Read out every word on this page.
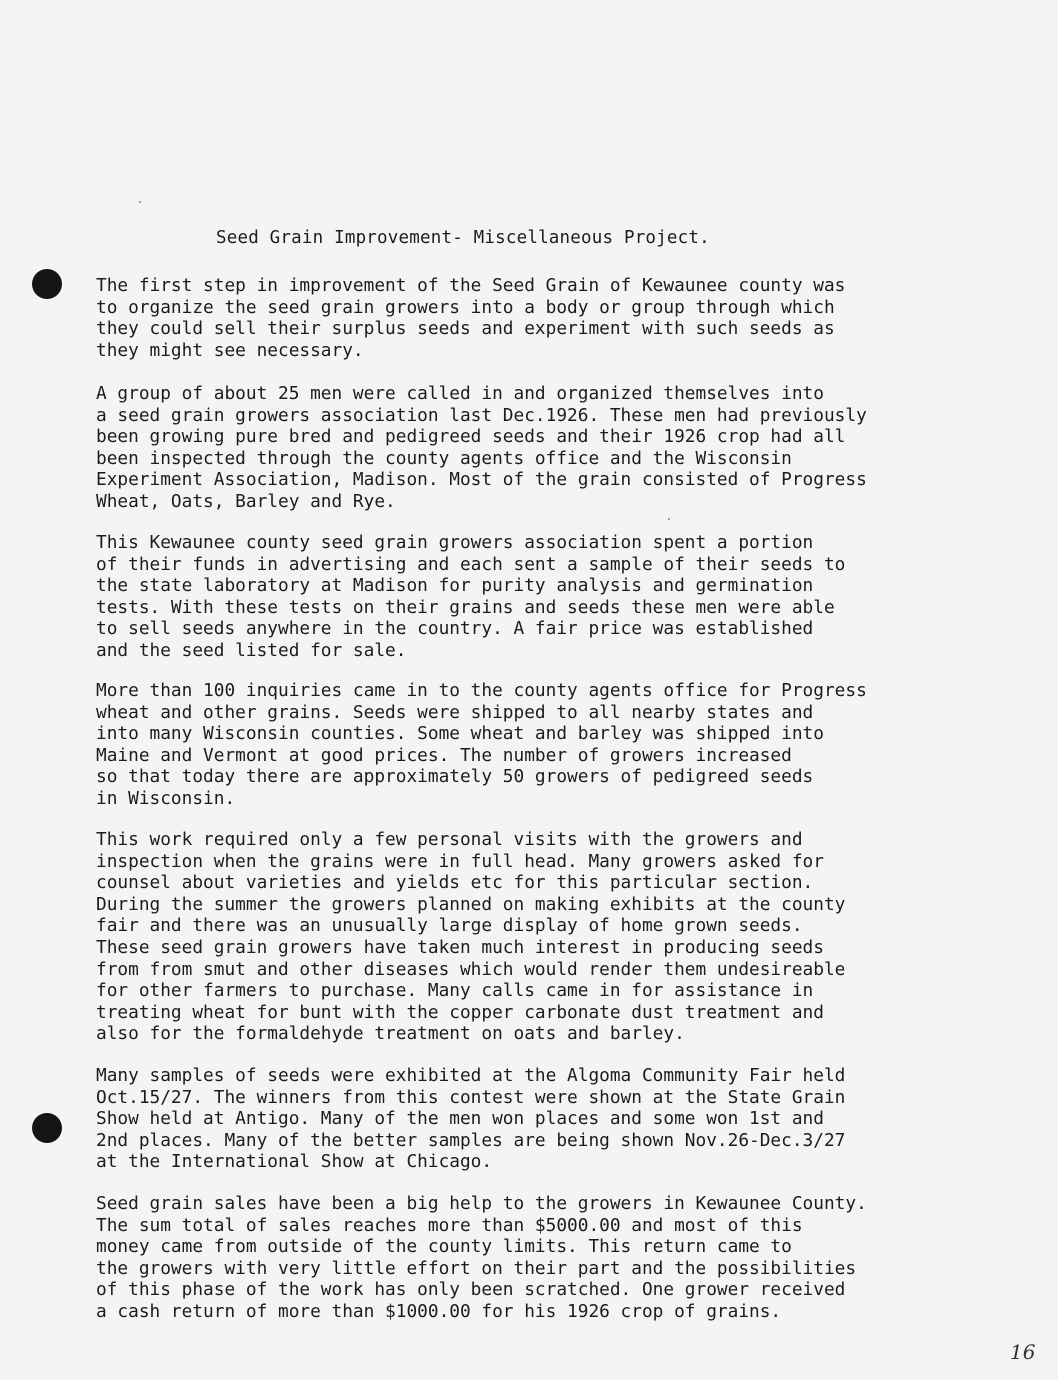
Seed Grain Improvement- Miscellaneous Project.
The first step in improvement of the Seed Grain of Kewaunee county was
to organize the seed grain growers into a body or group through which
they could sell their surplus seeds and experiment with such seeds as
they might see necessary.
A group of about 25 men were called in and organized themselves into
a seed grain growers association last Dec.1926. These men had previously
been growing pure bred and pedigreed seeds and their 1926 crop had all
been inspected through the county agents office and the Wisconsin
Experiment Association, Madison. Most of the grain consisted of Progress
Wheat, Oats, Barley and Rye.
This Kewaunee county seed grain growers association spent a portion
of their funds in advertising and each sent a sample of their seeds to
the state laboratory at Madison for purity analysis and germination
tests. With these tests on their grains and seeds these men were able
to sell seeds anywhere in the country. A fair price was established
and the seed listed for sale.
More than 100 inquiries came in to the county agents office for Progress
wheat and other grains. Seeds were shipped to all nearby states and
into many Wisconsin counties. Some wheat and barley was shipped into
Maine and Vermont at good prices. The number of growers increased
so that today there are approximately 50 growers of pedigreed seeds
in Wisconsin.
This work required only a few personal visits with the growers and
inspection when the grains were in full head. Many growers asked for
counsel about varieties and yields etc for this particular section.
During the summer the growers planned on making exhibits at the county
fair and there was an unusually large display of home grown seeds.
These seed grain growers have taken much interest in producing seeds
from from smut and other diseases which would render them undesireable
for other farmers to purchase. Many calls came in for assistance in
treating wheat for bunt with the copper carbonate dust treatment and
also for the formaldehyde treatment on oats and barley.
Many samples of seeds were exhibited at the Algoma Community Fair held
Oct.15/27. The winners from this contest were shown at the State Grain
Show held at Antigo. Many of the men won places and some won 1st and
2nd places. Many of the better samples are being shown Nov.26-Dec.3/27
at the International Show at Chicago.
Seed grain sales have been a big help to the growers in Kewaunee County.
The sum total of sales reaches more than $5000.00 and most of this
money came from outside of the county limits. This return came to
the growers with very little effort on their part and the possibilities
of this phase of the work has only been scratched. One grower received
a cash return of more than $1000.00 for his 1926 crop of grains.
16
